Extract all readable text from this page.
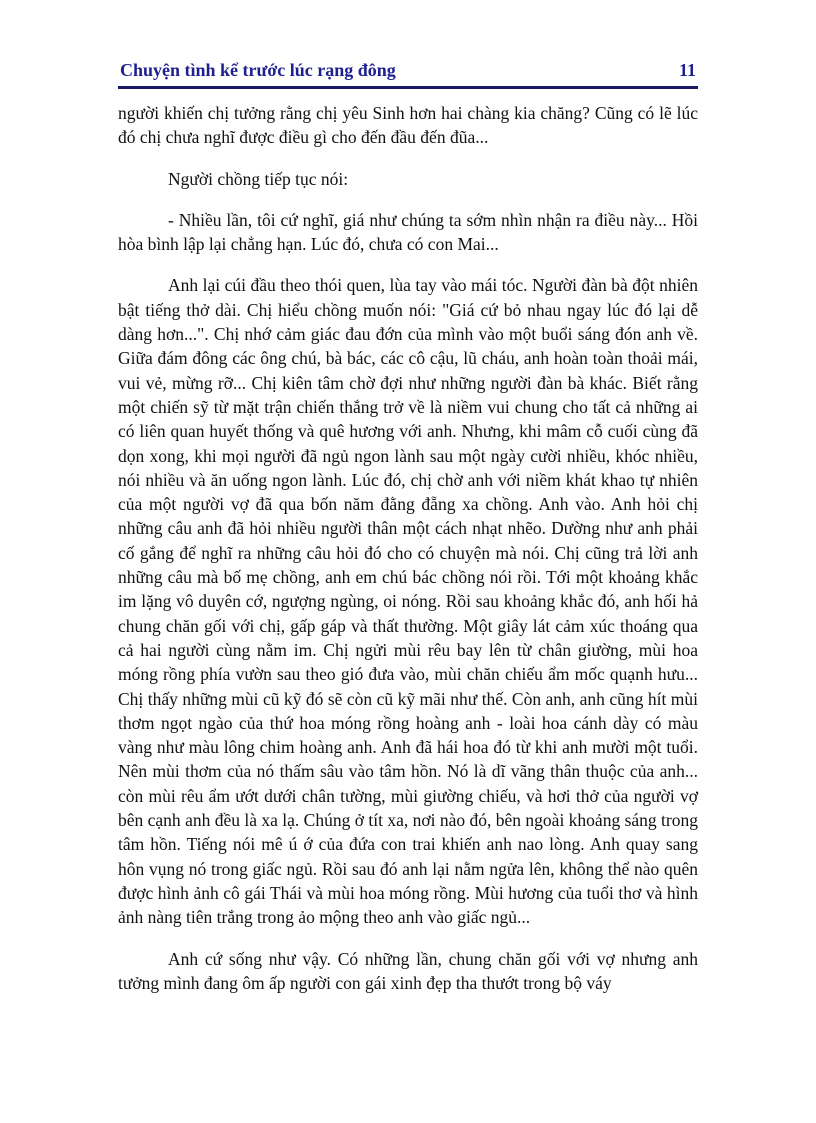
Chuyện tình kể trước lúc rạng đông	11

người khiến chị tưởng rằng chị yêu Sinh hơn hai chàng kia chăng? Cũng có lẽ lúc đó chị chưa nghĩ được điều gì cho đến đầu đến đũa...

Người chồng tiếp tục nói:

- Nhiều lần, tôi cứ nghĩ, giá như chúng ta sớm nhìn nhận ra điều này... Hồi hòa bình lập lại chẳng hạn. Lúc đó, chưa có con Mai...

Anh lại cúi đầu theo thói quen, lùa tay vào mái tóc. Người đàn bà đột nhiên bật tiếng thở dài. Chị hiểu chồng muốn nói: "Giá cứ bỏ nhau ngay lúc đó lại dễ dàng hơn...". Chị nhớ cảm giác đau đớn của mình vào một buổi sáng đón anh về. Giữa đám đông các ông chú, bà bác, các cô cậu, lũ cháu, anh hoàn toàn thoải mái, vui vẻ, mừng rỡ... Chị kiên tâm chờ đợi như những người đàn bà khác. Biết rằng một chiến sỹ từ mặt trận chiến thắng trở về là niềm vui chung cho tất cả những ai có liên quan huyết thống và quê hương với anh. Nhưng, khi mâm cỗ cuối cùng đã dọn xong, khi mọi người đã ngủ ngon lành sau một ngày cười nhiều, khóc nhiều, nói nhiều và ăn uống ngon lành. Lúc đó, chị chờ anh với niềm khát khao tự nhiên của một người vợ đã qua bốn năm đằng đẵng xa chồng. Anh vào. Anh hỏi chị những câu anh đã hỏi nhiều người thân một cách nhạt nhẽo. Dường như anh phải cố gắng để nghĩ ra những câu hỏi đó cho có chuyện mà nói. Chị cũng trả lời anh những câu mà bố mẹ chồng, anh em chú bác chồng nói rồi. Tới một khoảng khắc im lặng vô duyên cớ, ngượng ngùng, oi nóng. Rồi sau khoảng khắc đó, anh hối hả chung chăn gối với chị, gấp gáp và thất thường. Một giây lát cảm xúc thoáng qua cả hai người cùng nằm im. Chị ngửi mùi rêu bay lên từ chân giường, mùi hoa móng rồng phía vườn sau theo gió đưa vào, mùi chăn chiếu ẩm mốc quạnh hưu... Chị thấy những mùi cũ kỹ đó sẽ còn cũ kỹ mãi như thế. Còn anh, anh cũng hít mùi thơm ngọt ngào của thứ hoa móng rồng hoàng anh - loài hoa cánh dày có màu vàng như màu lông chim hoàng anh. Anh đã hái hoa đó từ khi anh mười một tuổi. Nên mùi thơm của nó thấm sâu vào tâm hồn. Nó là dĩ vãng thân thuộc của anh... còn mùi rêu ẩm ướt dưới chân tường, mùi giường chiếu, và hơi thở của người vợ bên cạnh anh đều là xa lạ. Chúng ở tít xa, nơi nào đó, bên ngoài khoảng sáng trong tâm hồn. Tiếng nói mê ú ớ của đứa con trai khiến anh nao lòng. Anh quay sang hôn vụng nó trong giấc ngủ. Rồi sau đó anh lại nằm ngửa lên, không thể nào quên được hình ảnh cô gái Thái và mùi hoa móng rồng. Mùi hương của tuổi thơ và hình ảnh nàng tiên trắng trong ảo mộng theo anh vào giấc ngủ...

Anh cứ sống như vậy. Có những lần, chung chăn gối với vợ nhưng anh tưởng mình đang ôm ấp người con gái xinh đẹp tha thướt trong bộ váy
